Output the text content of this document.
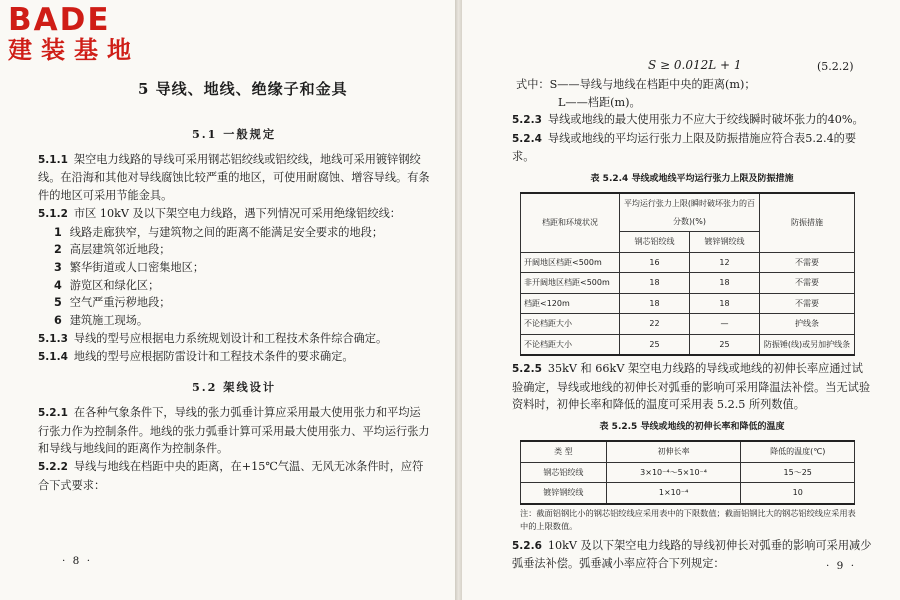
BADE
建装基地
5 导线、地线、绝缘子和金具
5.1 一般规定

5.1.1 架空电力线路的导线可采用钢芯铝绞线或铝绞线，地线可采用镀锌钢绞线。在沿海和其他对导线腐蚀比较严重的地区，可使用耐腐蚀、增容导线。有条件的地区可采用节能金具。

5.1.2 市区 10kV 及以下架空电力线路，遇下列情况可采用绝缘铝绞线：

1 线路走廊狭窄，与建筑物之间的距离不能满足安全要求的地段；

2 高层建筑邻近地段；

3 繁华街道或人口密集地区；

4 游览区和绿化区；

5 空气严重污秽地段；

6 建筑施工现场。

5.1.3 导线的型号应根据电力系统规划设计和工程技术条件综合确定。

5.1.4 地线的型号应根据防雷设计和工程技术条件的要求确定。

5.2 架线设计

5.2.1 在各种气象条件下，导线的张力弧垂计算应采用最大使用张力和平均运行张力作为控制条件。地线的张力弧垂计算可采用最大使用张力、平均运行张力和导线与地线间的距离作为控制条件。

5.2.2 导线与地线在档距中央的距离，在+15℃气温、无风无冰条件时，应符合下式要求：

· 8 ·
S ≥ 0.012L + 1	(5.2.2)

式中：S——导线与地线在档距中央的距离(m)；

L——档距(m)。

5.2.3 导线或地线的最大使用张力不应大于绞线瞬时破坏张力的40%。

5.2.4 导线或地线的平均运行张力上限及防振措施应符合表5.2.4的要求。

表 5.2.4 导线或地线平均运行张力上限及防振措施
档距和环境状况	平均运行张力上限(瞬时破坏张力的百分数)(%)		防振措施
	钢芯铝绞线	镀锌钢绞线	
开阔地区档距<500m	16	12	不需要
非开阔地区档距<500m	18	18	不需要
档距<120m	18	18	不需要
不论档距大小	22	—	护线条
不论档距大小	25	25	防振锤(线)或另加护线条

5.2.5 35kV 和 66kV 架空电力线路的导线或地线的初伸长率应通过试验确定，导线或地线的初伸长对弧垂的影响可采用降温法补偿。当无试验资料时，初伸长率和降低的温度可采用表 5.2.5 所列数值。

表 5.2.5 导线或地线的初伸长率和降低的温度
类 型	初伸长率	降低的温度(℃)
钢芯铝绞线	3×10⁻⁴～5×10⁻⁴	15～25
镀锌钢绞线	1×10⁻⁴	10
注：截面铝钢比小的钢芯铝绞线应采用表中的下限数值；截面铝钢比大的钢芯铝绞线应采用表中的上限数值。

5.2.6 10kV 及以下架空电力线路的导线初伸长对弧垂的影响可采用减少弧垂法补偿。弧垂减小率应符合下列规定：	· 9 ·
